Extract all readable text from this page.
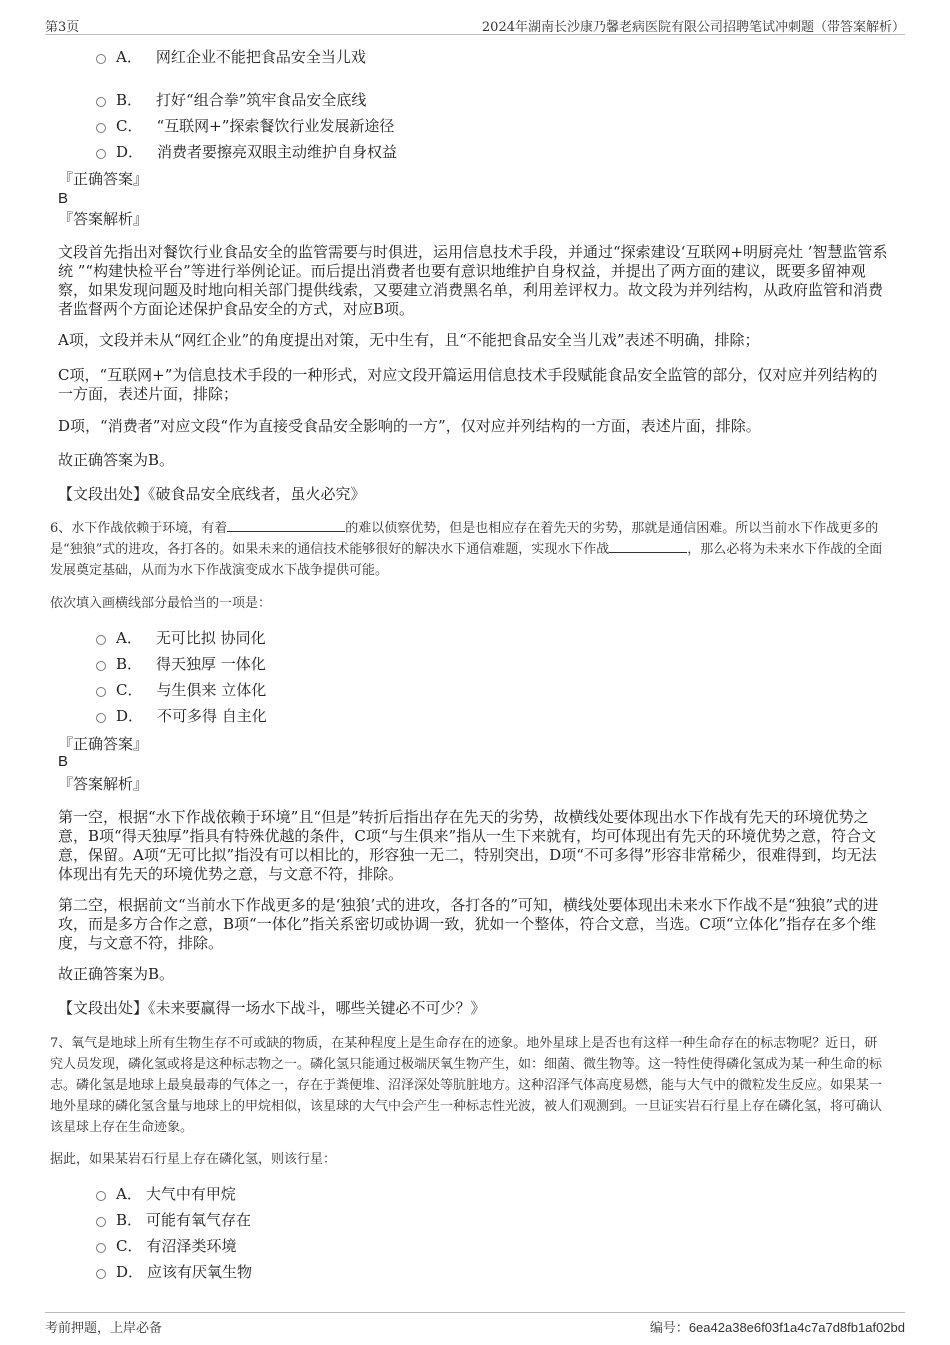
第3页	2024年湖南长沙康乃馨老病医院有限公司招聘笔试冲刺题（带答案解析）
A． 网红企业不能把食品安全当儿戏
B． 打好“组合拳”筑牢食品安全底线
C． “互联网+”探索餐饮行业发展新途径
D． 消费者要擦亮双眼主动维护自身权益
『正确答案』
B
『答案解析』
文段首先指出对餐饮行业食品安全的监管需要与时俱进，运用信息技术手段，并通过“探索建设‘互联网+明厨亮灶 ’智慧监管系统 ”“构建快检平台”等进行举例论证。而后提出消费者也要有意识地维护自身权益，并提出了两方面的建议，既要多留神观察，如果发现问题及时地向相关部门提供线索，又要建立消费黑名单，利用差评权力。故文段为并列结构，从政府监管和消费者监督两个方面论述保护食品安全的方式，对应B项。
A项，文段并未从“网红企业”的角度提出对策，无中生有，且“不能把食品安全当儿戏”表述不明确，排除；
C项，“互联网+”为信息技术手段的一种形式，对应文段开篇运用信息技术手段赋能食品安全监管的部分，仅对应并列结构的一方面，表述片面，排除；
D项，“消费者”对应文段“作为直接受食品安全影响的一方”，仅对应并列结构的一方面，表述片面，排除。
故正确答案为B。
【文段出处】《破食品安全底线者，虽火必究》
6、水下作战依赖于环境，有着	的难以侦察优势，但是也相应存在着先天的劣势，那就是通信困难。所以当前水下作战更多的是“独狼”式的进攻，各打各的。如果未来的通信技术能够很好的解决水下通信难题，实现水下作战	，那么必将为未来水下作战的全面发展奠定基础，从而为水下作战演变成水下战争提供可能。
依次填入画横线部分最恰当的一项是：
A． 无可比拟 协同化
B． 得天独厚 一体化
C． 与生俱来 立体化
D． 不可多得 自主化
『正确答案』
B
『答案解析』
第一空，根据“水下作战依赖于环境”且“但是”转折后指出存在先天的劣势，故横线处要体现出水下作战有先天的环境优势之意，B项“得天独厚”指具有特殊优越的条件，C项“与生俱来”指从一生下来就有，均可体现出有先天的环境优势之意，符合文意，保留。A项“无可比拟”指没有可以相比的，形容独一无二，特别突出，D项“不可多得”形容非常稀少，很难得到，均无法体现出有先天的环境优势之意，与文意不符，排除。
第二空，根据前文“当前水下作战更多的是‘独狼’式的进攻，各打各的”可知，横线处要体现出未来水下作战不是“独狼”式的进攻，而是多方合作之意，B项“一体化”指关系密切或协调一致，犹如一个整体，符合文意，当选。C项“立体化”指存在多个维度，与文意不符，排除。
故正确答案为B。
【文段出处】《未来要赢得一场水下战斗，哪些关键必不可少？》
7、氧气是地球上所有生物生存不可或缺的物质，在某种程度上是生命存在的迹象。地外星球上是否也有这样一种生命存在的标志物呢？近日，研究人员发现，磷化氢或将是这种标志物之一。磷化氢只能通过极端厌氧生物产生，如：细菌、微生物等。这一特性使得磷化氢成为某一种生命的标志。磷化氢是地球上最臭最毒的气体之一，存在于粪便堆、沼泽深处等肮脏地方。这种沼泽气体高度易燃，能与大气中的微粒发生反应。如果某一地外星球的磷化氢含量与地球上的甲烷相似，该星球的大气中会产生一种标志性光波，被人们观测到。一旦证实岩石行星上存在磷化氢，将可确认该星球上存在生命迹象。
据此，如果某岩石行星上存在磷化氢，则该行星：
A． 大气中有甲烷
B． 可能有氧气存在
C． 有沼泽类环境
D． 应该有厌氧生物
考前押题，上岸必备	编号：6ea42a38e6f03f1a4c7a7d8fb1af02bd
